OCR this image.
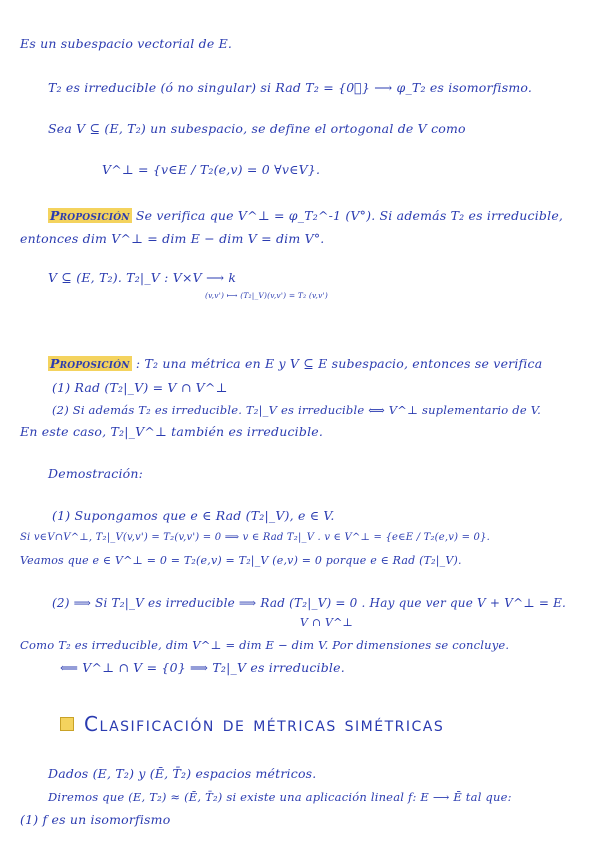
Es un subespacio vectorial de E.
T₂ es irreducible (ó no singular) si Rad T₂ = {0⃗} ⟶ φ_T₂ es isomorfismo.
Sea V ⊆ (E, T₂) un subespacio, se define el ortogonal de V como
V^⊥ = {v∈E / T₂(e,v) = 0 ∀v∈V}.
Proposición Se verifica que V^⊥ = φ_T₂^-1 (V°). Si además T₂ es irreducible,
entonces dim V^⊥ = dim E − dim V = dim V°.
V ⊆ (E, T₂). T₂|_V : V×V ⟶ k
(v,v') ⟼ (T₂|_V)(v,v') = T₂ (v,v')
Proposición : T₂ una métrica en E y V ⊆ E subespacio, entonces se verifica
(1) Rad (T₂|_V) = V ∩ V^⊥
(2) Si además T₂ es irreducible. T₂|_V es irreducible ⟺ V^⊥ suplementario de V.
En este caso, T₂|_V^⊥ también es irreducible.
Demostración:
(1) Supongamos que e ∈ Rad (T₂|_V), e ∈ V.
Si v∈V∩V^⊥, T₂|_V(v,v') = T₂(v,v') = 0 ⟹ v ∈ Rad T₂|_V . v ∈ V^⊥ = {e∈E / T₂(e,v) = 0}.
Veamos que e ∈ V^⊥ = 0 = T₂(e,v) = T₂|_V (e,v) = 0 porque e ∈ Rad (T₂|_V).
(2) ⟹ Si T₂|_V es irreducible ⟹ Rad (T₂|_V) = 0 . Hay que ver que V + V^⊥ = E.
V ∩ V^⊥
Como T₂ es irreducible, dim V^⊥ = dim E − dim V. Por dimensiones se concluye.
⟸ V^⊥ ∩ V = {0} ⟹ T₂|_V es irreducible.
Clasificación de métricas simétricas
Dados (E, T₂) y (Ē, T̄₂) espacios métricos.
Diremos que (E, T₂) ≈ (Ē, T̄₂) si existe una aplicación lineal f: E ⟶ Ē tal que:
(1) f es un isomorfismo
